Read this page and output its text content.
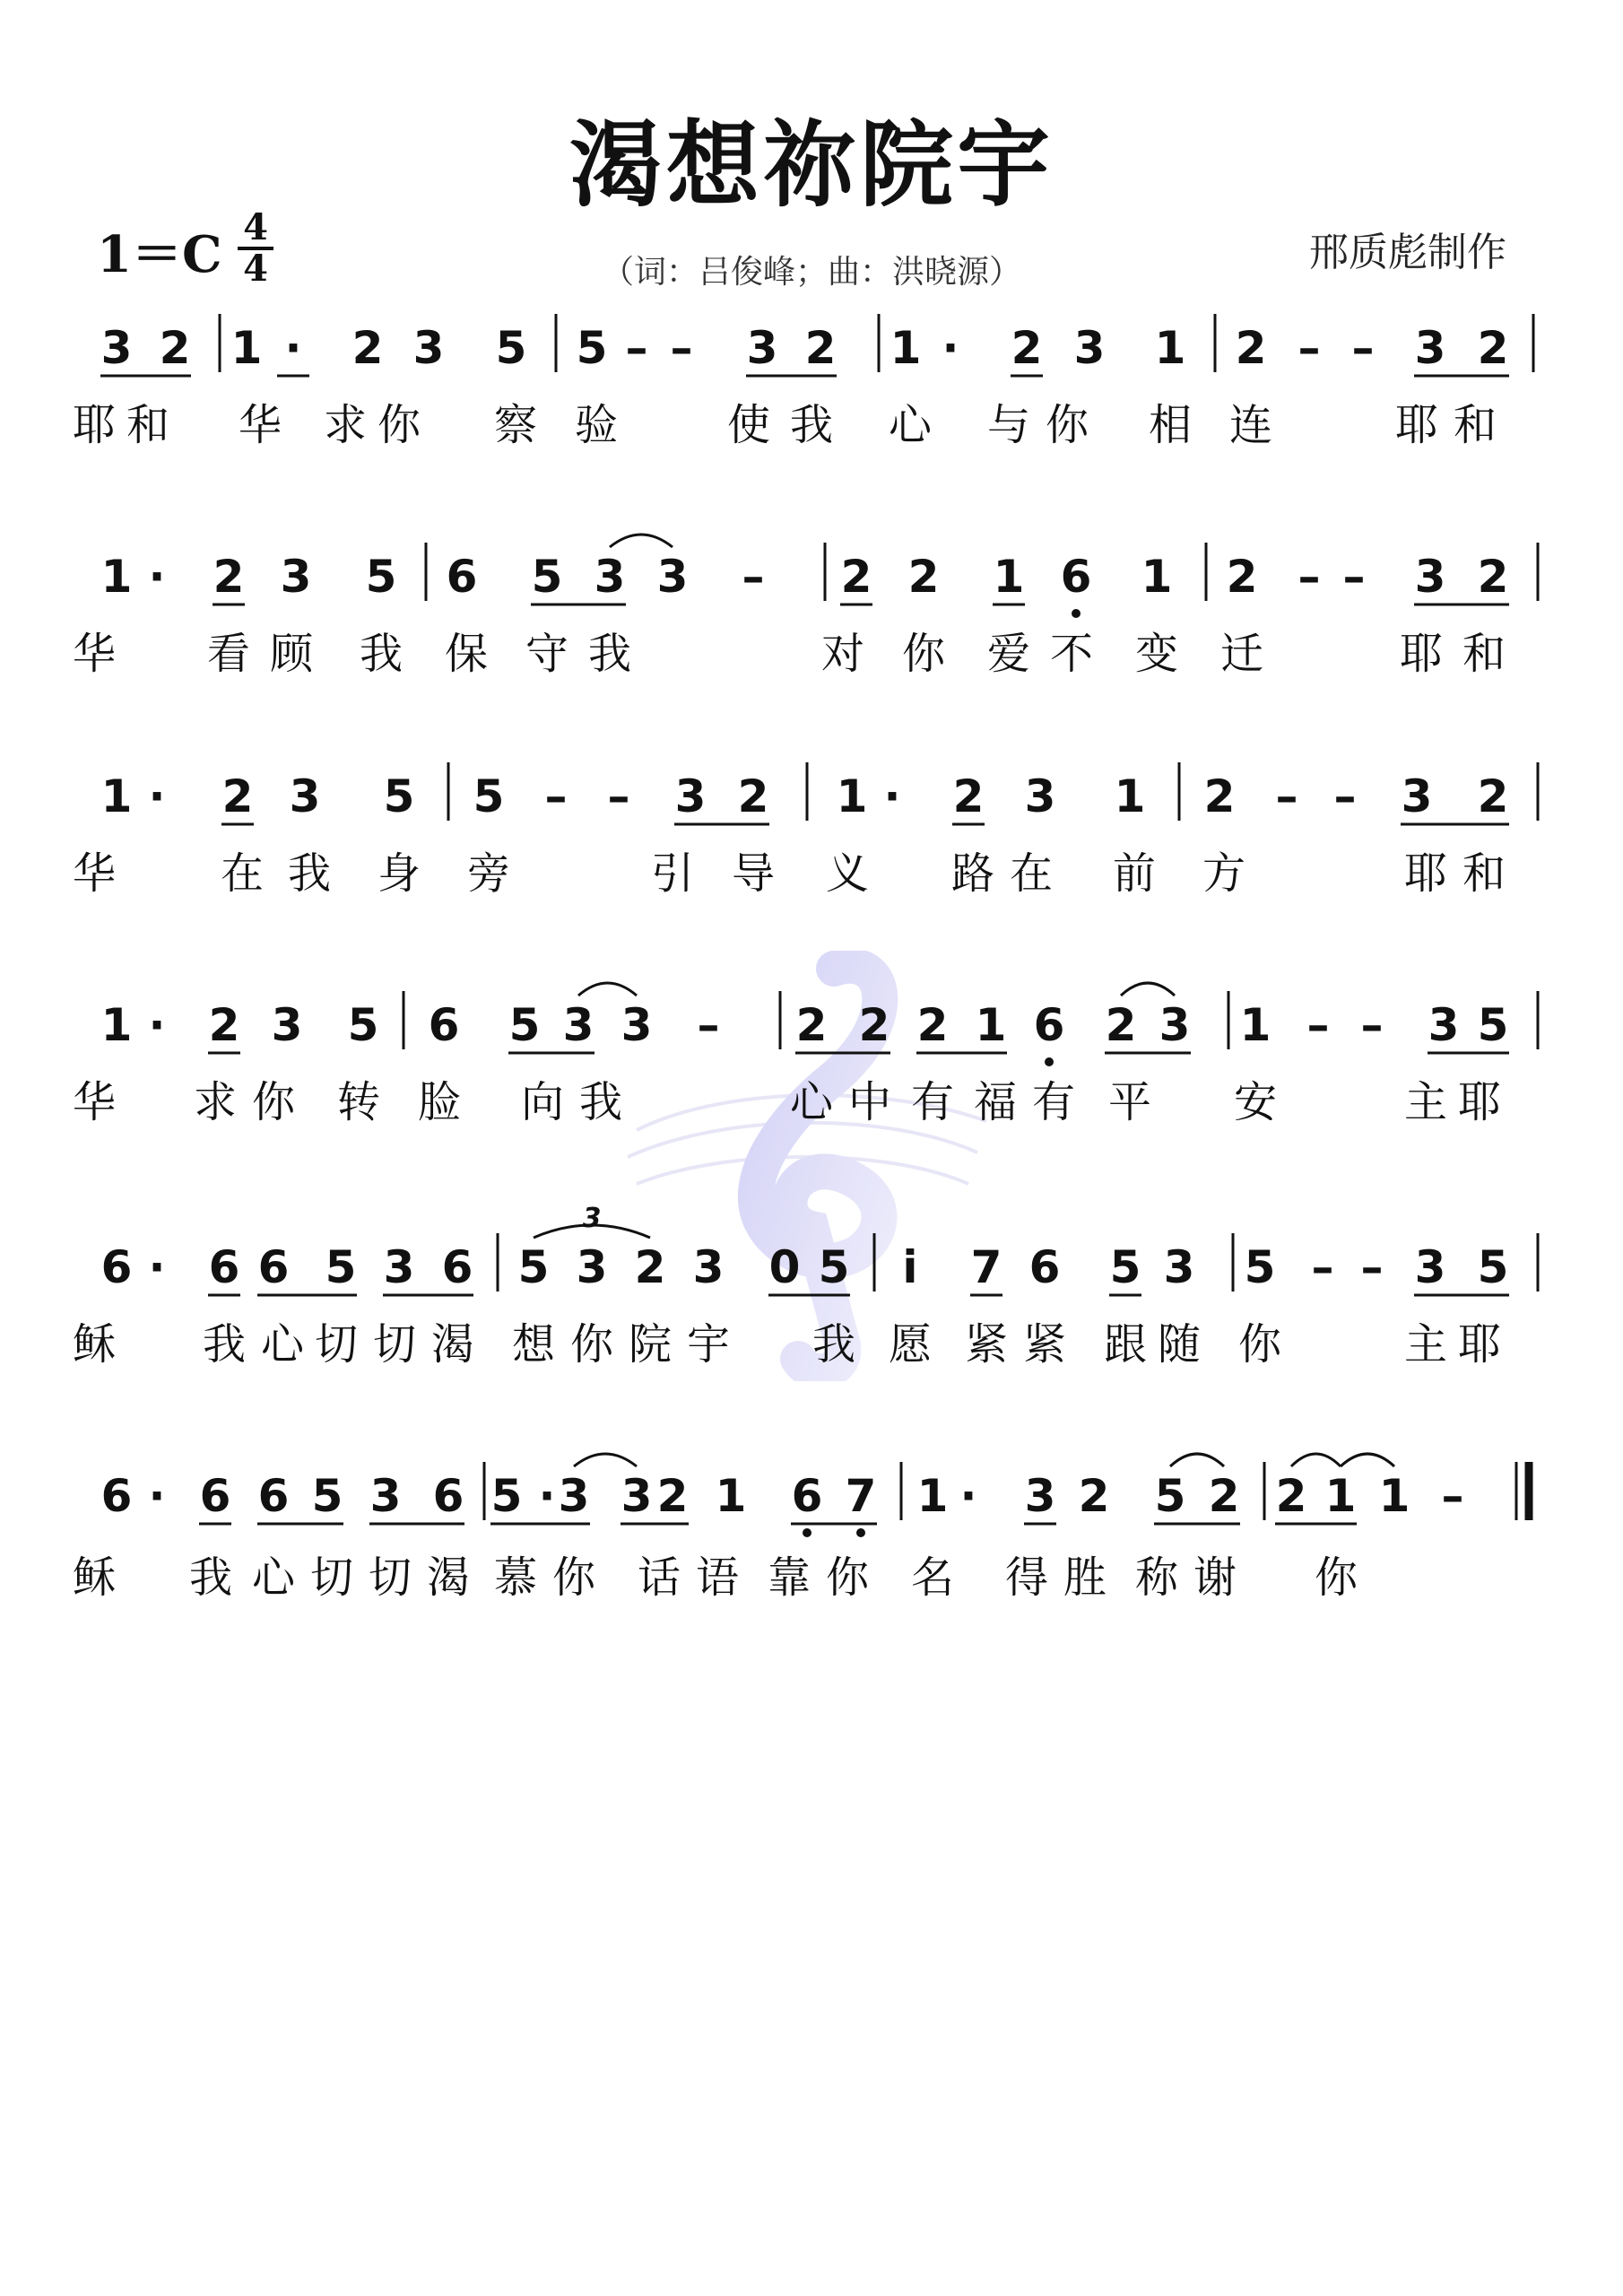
渴想祢院宇
1＝C 4
4	（词：吕俊峰；曲：洪晓源）	邢质彪制作
3 2 1 · 2 3 5 5 – – 3 2 1 · 2 3 1 2 – – 3 2
1 · 2 3 5 6 5 3 3 – 2 2 1 6 1 2 – – 3 2
1 · 2 3 5 5 – – 3 2 1 · 2 3 1 2 – – 3 2
1 · 2 3 5 6 5 3 3 – 2 2 2 1 6 2 3 1 – – 3 5
6 · 6 6 5 3 6 5 3 2 3 0 5 i 7 6 5 3 5 – – 3 5
6 · 6 6 5 3 6 5 · 3 3 2 1 6 7 1 · 3 2 5 2 2 1 1 –
耶 和 华 求 你 察 验	使 我 心 与 你 相 连	耶 和
华 看 顾 我 保 守 我	对 你 爱 不 变 迁	耶 和
华 在 我 身 旁	引 导 义 路 在 前 方	耶 和
华 求 你 转 脸 向 我	心 中 有 福 有 平 安	主 耶
稣 我 心 切 切 渴 想 你 院 宇 我 愿 紧 紧 跟 随 你	主 耶
稣 我 心 切 切 渴 慕 你 话 语 靠 你 名 得 胜 称 谢 你
3
